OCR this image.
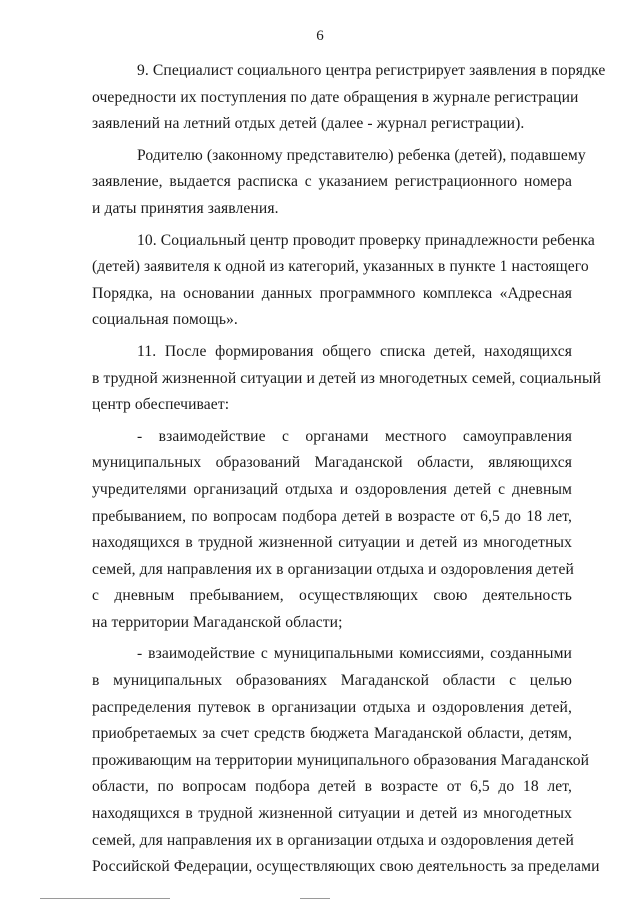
6

9. Специалист социального центра регистрирует заявления в порядке
очередности их поступления по дате обращения в журнале регистрации
заявлений на летний отдых детей (далее - журнал регистрации).

Родителю (законному представителю) ребенка (детей), подавшему
заявление, выдается расписка с указанием регистрационного номера
и даты принятия заявления.

10. Социальный центр проводит проверку принадлежности ребенка
(детей) заявителя к одной из категорий, указанных в пункте 1 настоящего
Порядка, на основании данных программного комплекса «Адресная
социальная помощь».

11. После формирования общего списка детей, находящихся
в трудной жизненной ситуации и детей из многодетных семей, социальный
центр обеспечивает:

- взаимодействие с органами местного самоуправления
муниципальных образований Магаданской области, являющихся
учредителями организаций отдыха и оздоровления детей с дневным
пребыванием, по вопросам подбора детей в возрасте от 6,5 до 18 лет,
находящихся в трудной жизненной ситуации и детей из многодетных
семей, для направления их в организации отдыха и оздоровления детей
с дневным пребыванием, осуществляющих свою деятельность
на территории Магаданской области;

- взаимодействие с муниципальными комиссиями, созданными
в муниципальных образованиях Магаданской области с целью
распределения путевок в организации отдыха и оздоровления детей,
приобретаемых за счет средств бюджета Магаданской области, детям,
проживающим на территории муниципального образования Магаданской
области, по вопросам подбора детей в возрасте от 6,5 до 18 лет,
находящихся в трудной жизненной ситуации и детей из многодетных
семей, для направления их в организации отдыха и оздоровления детей
Российской Федерации, осуществляющих свою деятельность за пределами
